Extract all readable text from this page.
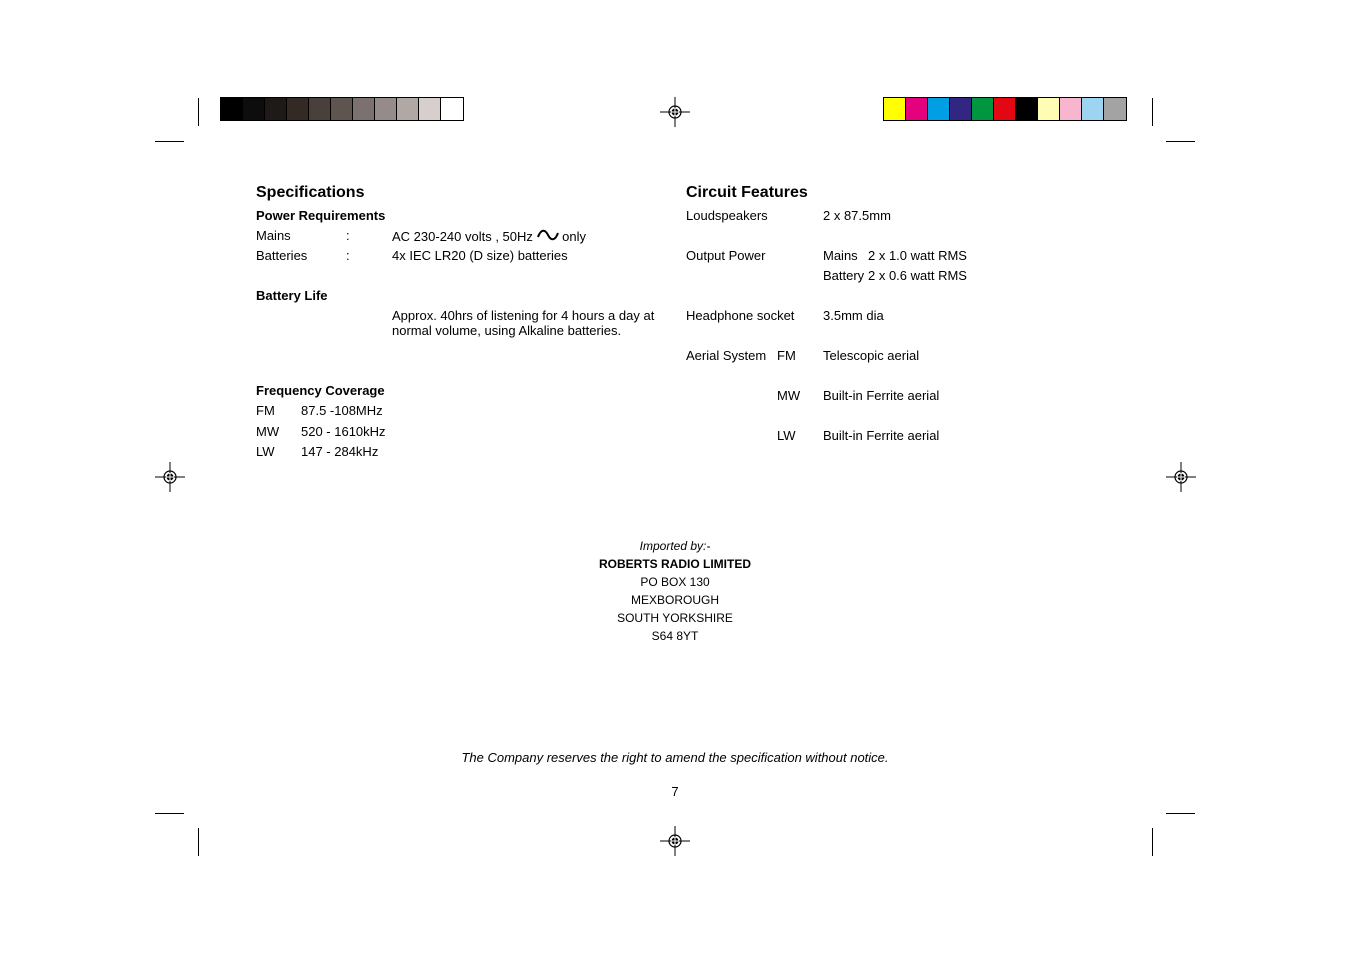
Specifications
Power Requirements
Mains	:	AC 230-240 volts , 50Hz only
Batteries	:	4x IEC LR20 (D size) batteries
Battery Life
Approx. 40hrs of listening for 4 hours a day at
normal volume, using Alkaline batteries.
Frequency Coverage
FM 87.5 -108MHz
MW 520 - 1610kHz
LW 147 - 284kHz
Circuit Features
Loudspeakers	2 x 87.5mm
Output Power	Mains 2 x 1.0 watt RMS
Battery 2 x 0.6 watt RMS
Headphone socket 3.5mm dia
Aerial System FM Telescopic aerial
MW Built-in Ferrite aerial
LW Built-in Ferrite aerial
Imported by:-
ROBERTS RADIO LIMITED
PO BOX 130
MEXBOROUGH
SOUTH YORKSHIRE
S64 8YT
The Company reserves the right to amend the specification without notice.
7
